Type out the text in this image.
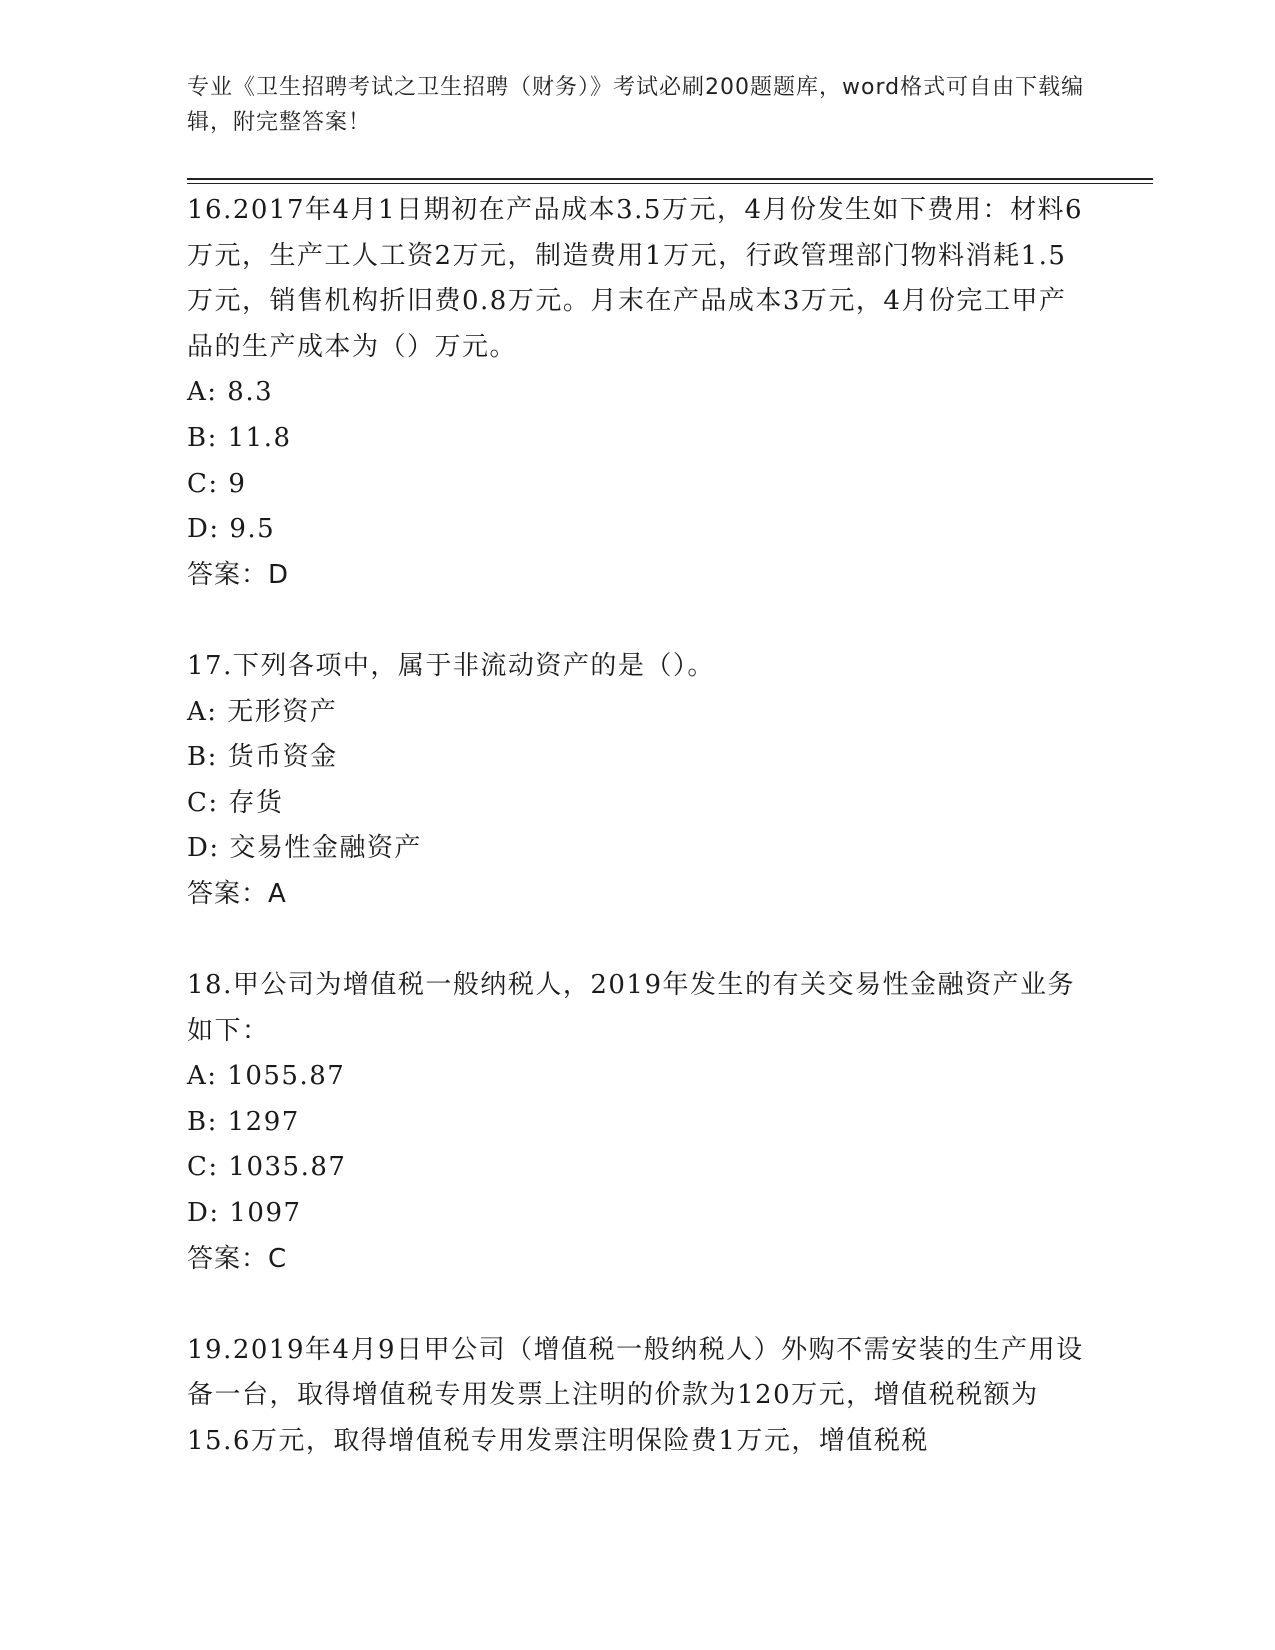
专业《卫生招聘考试之卫生招聘（财务）》考试必刷200题题库，word格式可自由下载编辑，附完整答案！

16.2017年4月1日期初在产品成本3.5万元，4月份发生如下费用：材料6万元，生产工人工资2万元，制造费用1万元，行政管理部门物料消耗1.5万元，销售机构折旧费0.8万元。月末在产品成本3万元，4月份完工甲产品的生产成本为（）万元。

A: 8.3

B: 11.8

C: 9

D: 9.5

答案：D

17.下列各项中，属于非流动资产的是（）。

A: 无形资产

B: 货币资金

C: 存货

D: 交易性金融资产

答案：A

18.甲公司为增值税一般纳税人，2019年发生的有关交易性金融资产业务如下：

A: 1055.87

B: 1297

C: 1035.87

D: 1097

答案：C

19.2019年4月9日甲公司（增值税一般纳税人）外购不需安装的生产用设备一台，取得增值税专用发票上注明的价款为120万元，增值税税额为15.6万元，取得增值税专用发票注明保险费1万元，增值税税
